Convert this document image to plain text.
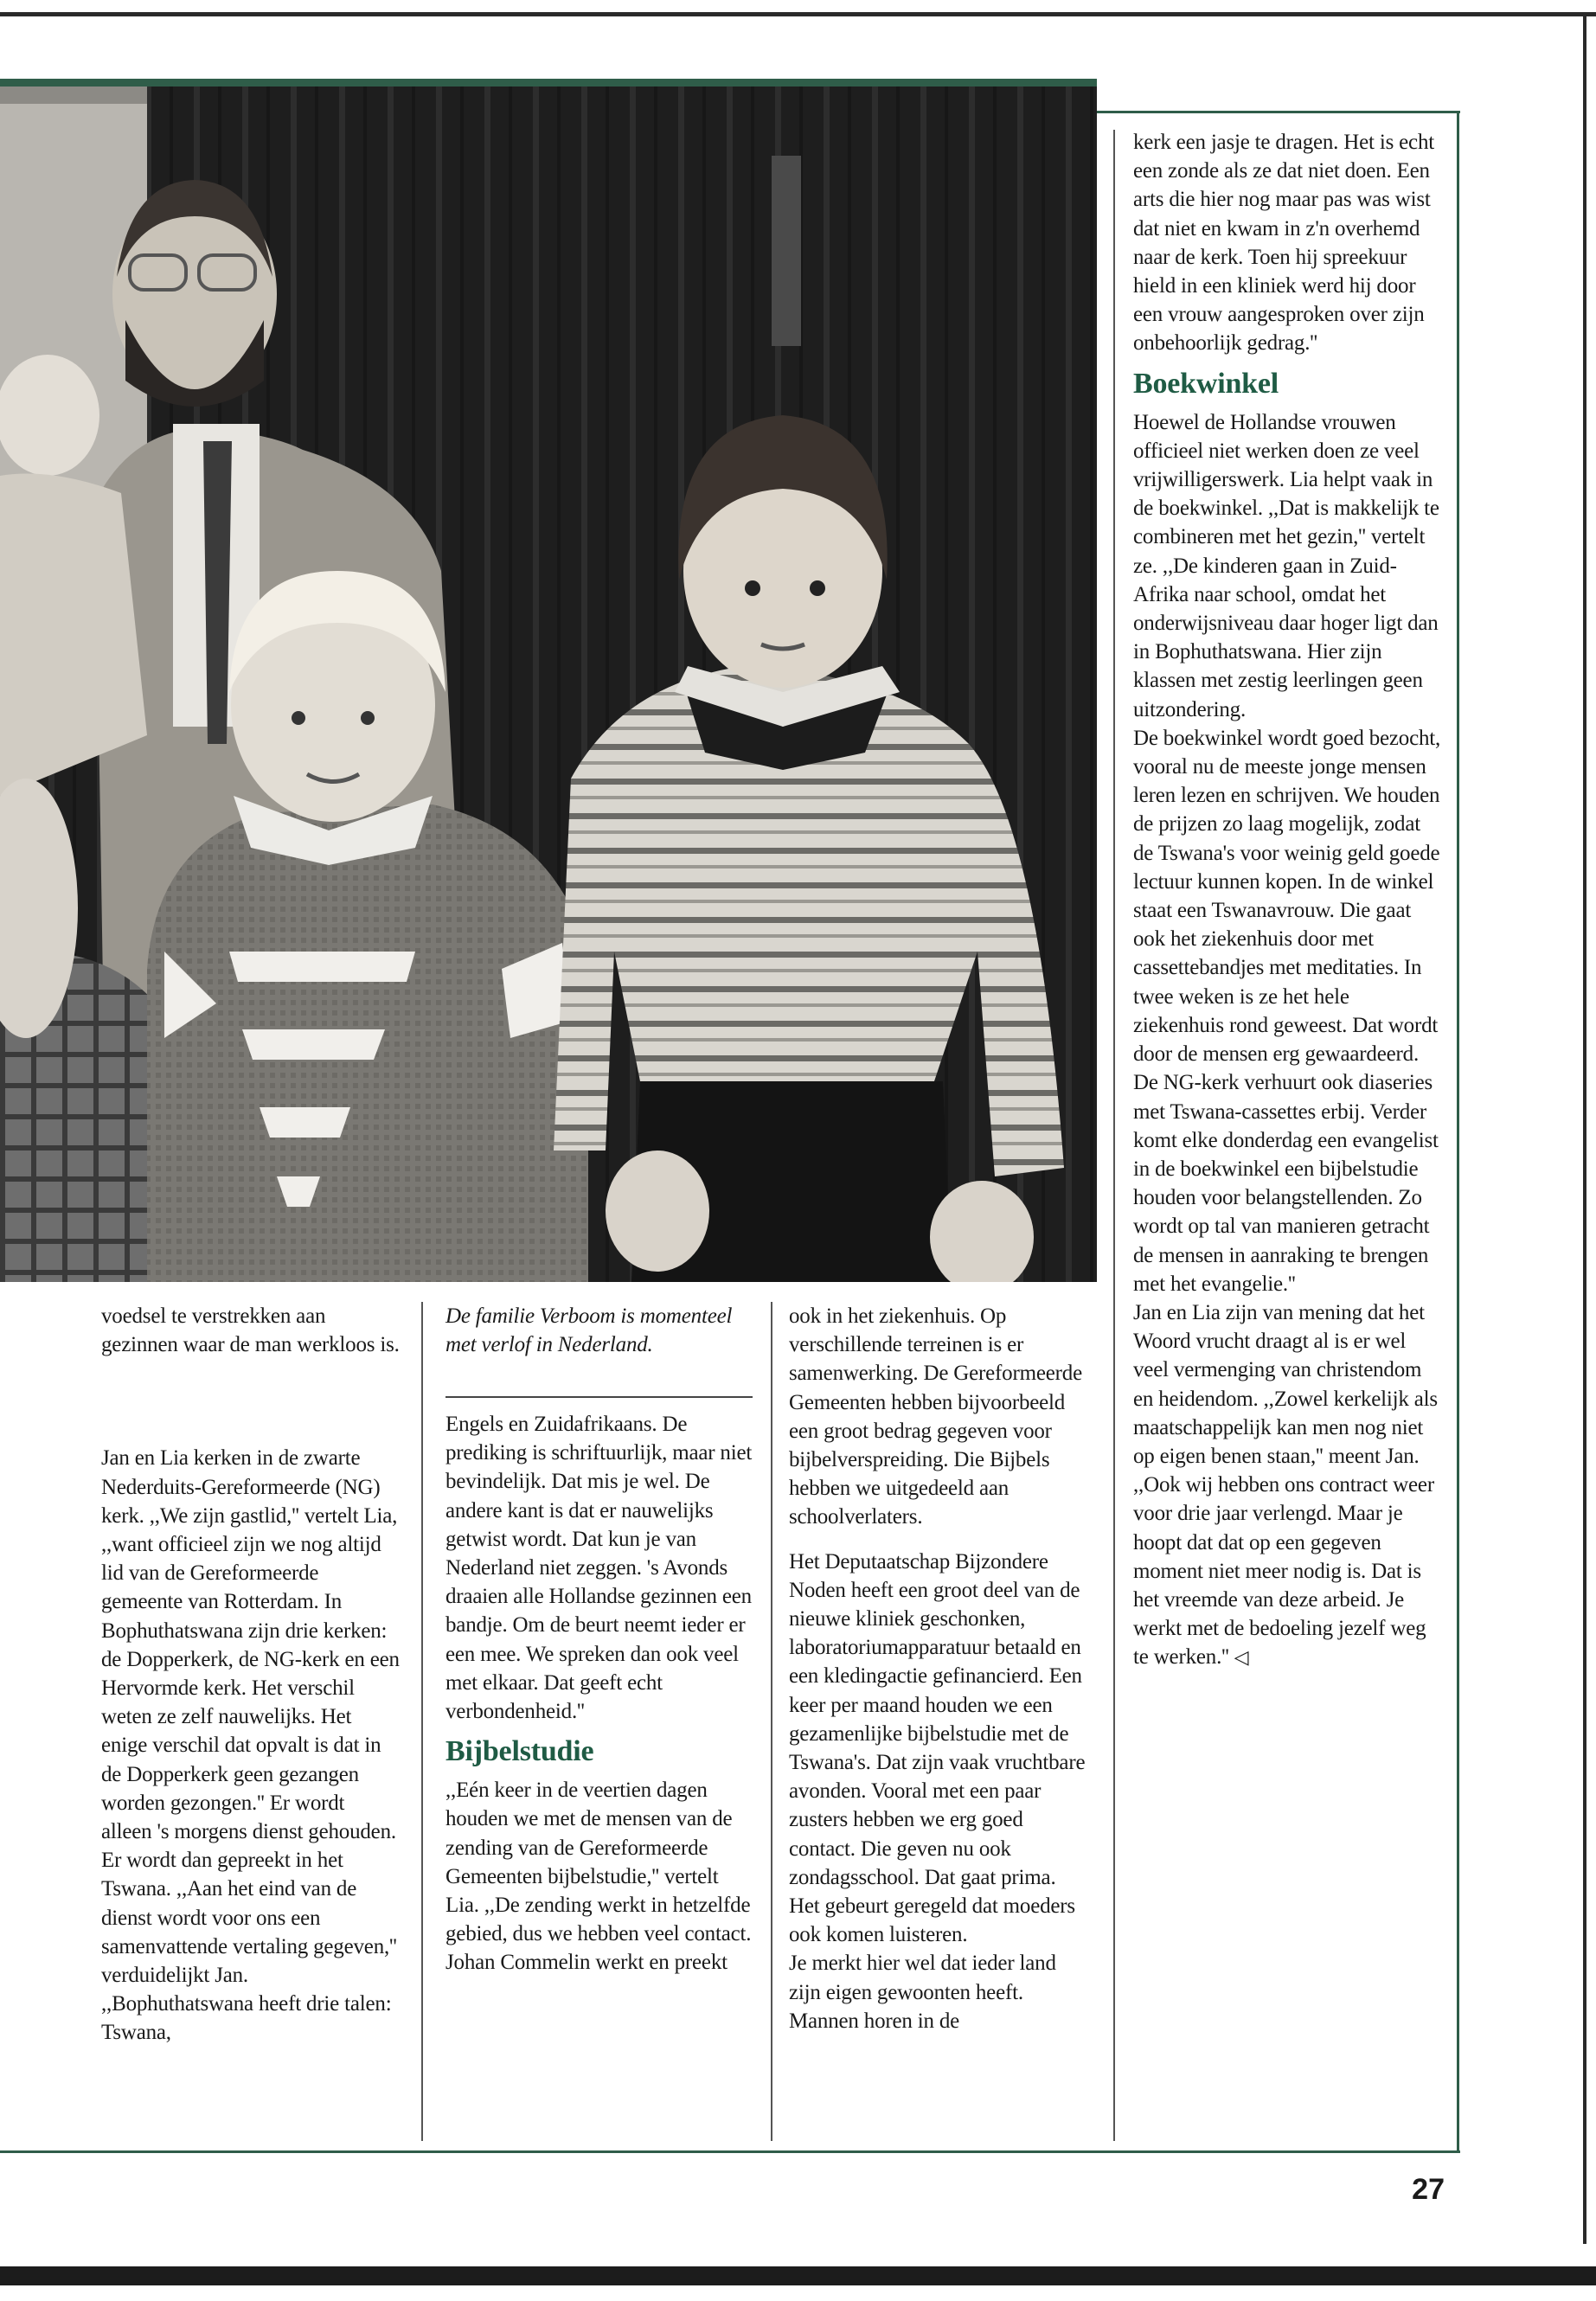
voedsel te verstrekken aan gezinnen waar de man werkloos is.

Jan en Lia kerken in de zwarte Nederduits-Gereformeerde (NG) kerk. ,,We zijn gastlid,'' vertelt Lia, ,,want officieel zijn we nog altijd lid van de Gereformeerde gemeente van Rotterdam. In Bophuthatswana zijn drie kerken: de Dopperkerk, de NG-kerk en een Hervormde kerk. Het verschil weten ze zelf nauwelijks. Het enige verschil dat opvalt is dat in de Dopperkerk geen gezangen worden gezongen.'' Er wordt alleen 's morgens dienst gehouden. Er wordt dan gepreekt in het Tswana. ,,Aan het eind van de dienst wordt voor ons een samenvattende vertaling gegeven,'' verduidelijkt Jan. ,,Bophuthatswana heeft drie talen: Tswana,

De familie Verboom is momenteel met verlof in Nederland.

Engels en Zuidafrikaans. De prediking is schriftuurlijk, maar niet bevindelijk. Dat mis je wel. De andere kant is dat er nauwelijks getwist wordt. Dat kun je van Nederland niet zeggen. 's Avonds draaien alle Hollandse gezinnen een bandje. Om de beurt neemt ieder er een mee. We spreken dan ook veel met elkaar. Dat geeft echt verbondenheid.''

Bijbelstudie

,,Eén keer in de veertien dagen houden we met de mensen van de zending van de Gereformeerde Gemeenten bijbelstudie,'' vertelt Lia. ,,De zending werkt in hetzelfde gebied, dus we hebben veel contact. Johan Commelin werkt en preekt

ook in het ziekenhuis. Op verschillende terreinen is er samenwerking. De Gereformeerde Gemeenten hebben bijvoorbeeld een groot bedrag gegeven voor bijbelverspreiding. Die Bijbels hebben we uitgedeeld aan schoolverlaters.

Het Deputaatschap Bijzondere Noden heeft een groot deel van de nieuwe kliniek geschonken, laboratoriumapparatuur betaald en een kledingactie gefinancierd. Een keer per maand houden we een gezamenlijke bijbelstudie met de Tswana's. Dat zijn vaak vruchtbare avonden. Vooral met een paar zusters hebben we erg goed contact. Die geven nu ook zondagsschool. Dat gaat prima. Het gebeurt geregeld dat moeders ook komen luisteren.

Je merkt hier wel dat ieder land zijn eigen gewoonten heeft. Mannen horen in de

kerk een jasje te dragen. Het is echt een zonde als ze dat niet doen. Een arts die hier nog maar pas was wist dat niet en kwam in z'n overhemd naar de kerk. Toen hij spreekuur hield in een kliniek werd hij door een vrouw aangesproken over zijn onbehoorlijk gedrag.''

Boekwinkel

Hoewel de Hollandse vrouwen officieel niet werken doen ze veel vrijwilligerswerk. Lia helpt vaak in de boekwinkel. ,,Dat is makkelijk te combineren met het gezin,'' vertelt ze. ,,De kinderen gaan in Zuid-Afrika naar school, omdat het onderwijsniveau daar hoger ligt dan in Bophuthatswana. Hier zijn klassen met zestig leerlingen geen uitzondering.

De boekwinkel wordt goed bezocht, vooral nu de meeste jonge mensen leren lezen en schrijven. We houden de prijzen zo laag mogelijk, zodat de Tswana's voor weinig geld goede lectuur kunnen kopen. In de winkel staat een Tswanavrouw. Die gaat ook het ziekenhuis door met cassettebandjes met meditaties. In twee weken is ze het hele ziekenhuis rond geweest. Dat wordt door de mensen erg gewaardeerd.

De NG-kerk verhuurt ook diaseries met Tswana-cassettes erbij. Verder komt elke donderdag een evangelist in de boekwinkel een bijbelstudie houden voor belangstellenden. Zo wordt op tal van manieren getracht de mensen in aanraking te brengen met het evangelie.''

Jan en Lia zijn van mening dat het Woord vrucht draagt al is er wel veel vermenging van christendom en heidendom. ,,Zowel kerkelijk als maatschappelijk kan men nog niet op eigen benen staan,'' meent Jan. ,,Ook wij hebben ons contract weer voor drie jaar verlengd. Maar je hoopt dat dat op een gegeven moment niet meer nodig is. Dat is het vreemde van deze arbeid. Je werkt met de bedoeling jezelf weg te werken.'' ◁

27
